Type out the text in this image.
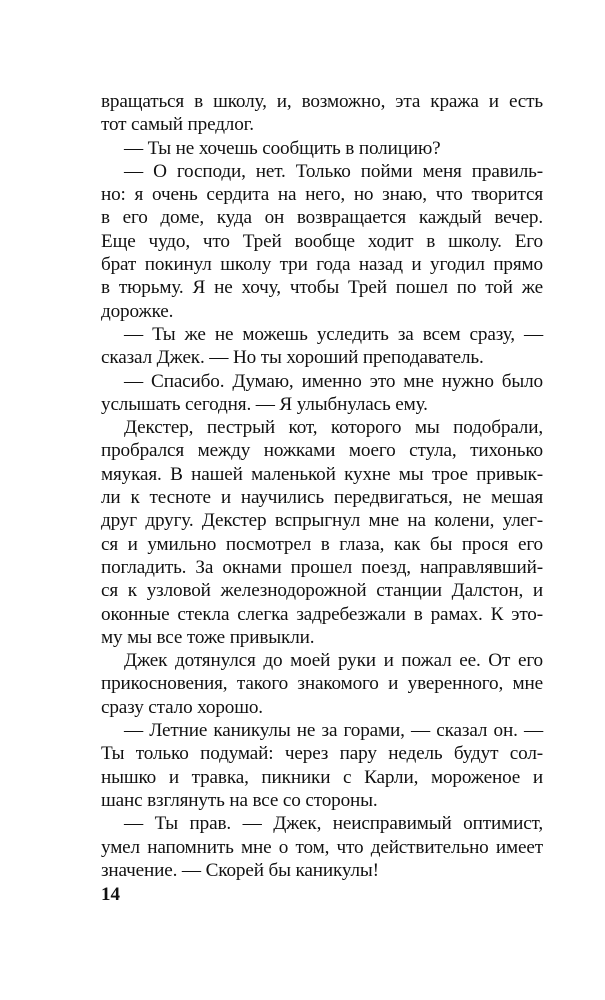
вращаться в школу, и, возможно, эта кража и есть
тот самый предлог.
— Ты не хочешь сообщить в полицию?
— О господи, нет. Только пойми меня правиль-
но: я очень сердита на него, но знаю, что творится
в его доме, куда он возвращается каждый вечер.
Еще чудо, что Трей вообще ходит в школу. Его
брат покинул школу три года назад и угодил прямо
в тюрьму. Я не хочу, чтобы Трей пошел по той же
дорожке.
— Ты же не можешь уследить за всем сразу, —
сказал Джек. — Но ты хороший преподаватель.
— Спасибо. Думаю, именно это мне нужно было
услышать сегодня. — Я улыбнулась ему.
Декстер, пестрый кот, которого мы подобрали,
пробрался между ножками моего стула, тихонько
мяукая. В нашей маленькой кухне мы трое привык-
ли к тесноте и научились передвигаться, не мешая
друг другу. Декстер вспрыгнул мне на колени, улег-
ся и умильно посмотрел в глаза, как бы прося его
погладить. За окнами прошел поезд, направлявший-
ся к узловой железнодорожной станции Далстон, и
оконные стекла слегка задребезжали в рамах. К это-
му мы все тоже привыкли.
Джек дотянулся до моей руки и пожал ее. От его
прикосновения, такого знакомого и уверенного, мне
сразу стало хорошо.
— Летние каникулы не за горами, — сказал он. —
Ты только подумай: через пару недель будут сол-
нышко и травка, пикники с Карли, мороженое и
шанс взглянуть на все со стороны.
— Ты прав. — Джек, неисправимый оптимист,
умел напомнить мне о том, что действительно имеет
значение. — Скорей бы каникулы!
14
